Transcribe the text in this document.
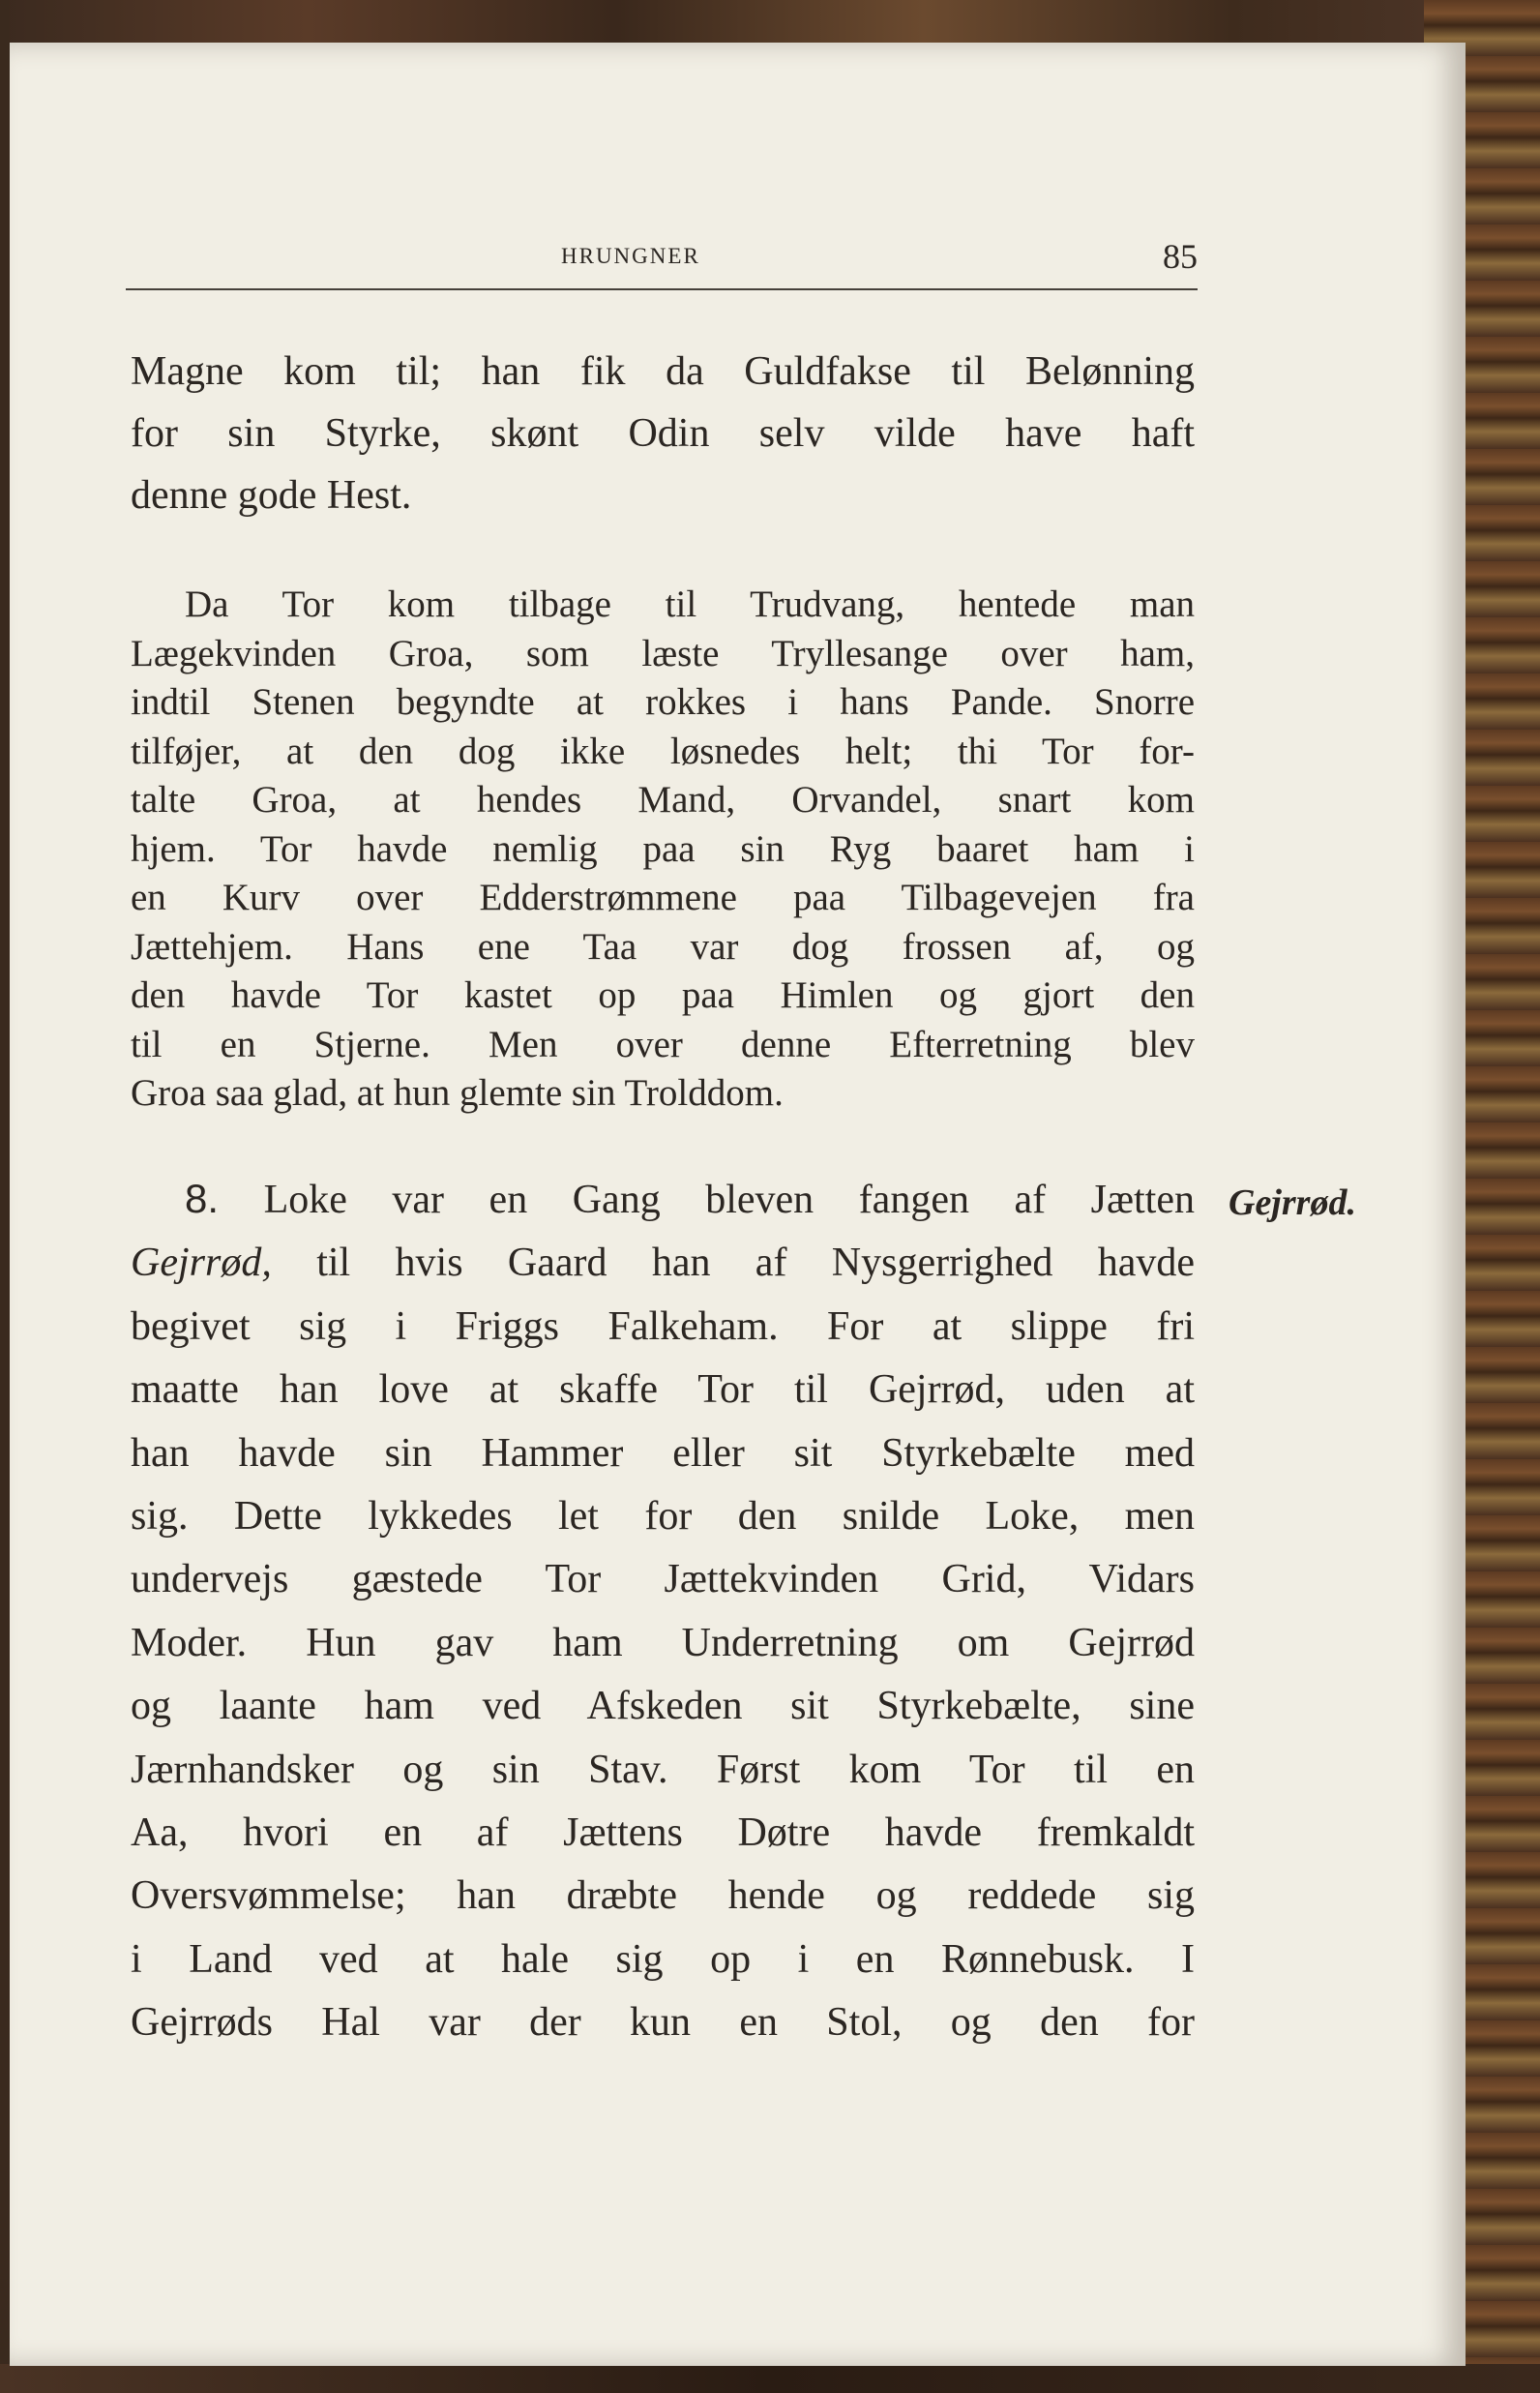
HRUNGNER	85
Magne kom til; han fik da Guldfakse til Belønning
for sin Styrke, skønt Odin selv vilde have haft
denne gode Hest.
Da Tor kom tilbage til Trudvang, hentede man
Lægekvinden Groa, som læste Tryllesange over ham,
indtil Stenen begyndte at rokkes i hans Pande. Snorre
tilføjer, at den dog ikke løsnedes helt; thi Tor for-
talte Groa, at hendes Mand, Orvandel, snart kom
hjem. Tor havde nemlig paa sin Ryg baaret ham i
en Kurv over Edderstrømmene paa Tilbagevejen fra
Jættehjem. Hans ene Taa var dog frossen af, og
den havde Tor kastet op paa Himlen og gjort den
til en Stjerne. Men over denne Efterretning blev
Groa saa glad, at hun glemte sin Trolddom.
Gejrrød.
8. Loke var en Gang bleven fangen af Jætten
Gejrrød, til hvis Gaard han af Nysgerrighed havde
begivet sig i Friggs Falkeham. For at slippe fri
maatte han love at skaffe Tor til Gejrrød, uden at
han havde sin Hammer eller sit Styrkebælte med
sig. Dette lykkedes let for den snilde Loke, men
undervejs gæstede Tor Jættekvinden Grid, Vidars
Moder. Hun gav ham Underretning om Gejrrød
og laante ham ved Afskeden sit Styrkebælte, sine
Jærnhandsker og sin Stav. Først kom Tor til en
Aa, hvori en af Jættens Døtre havde fremkaldt
Oversvømmelse; han dræbte hende og reddede sig
i Land ved at hale sig op i en Rønnebusk. I
Gejrrøds Hal var der kun en Stol, og den for
